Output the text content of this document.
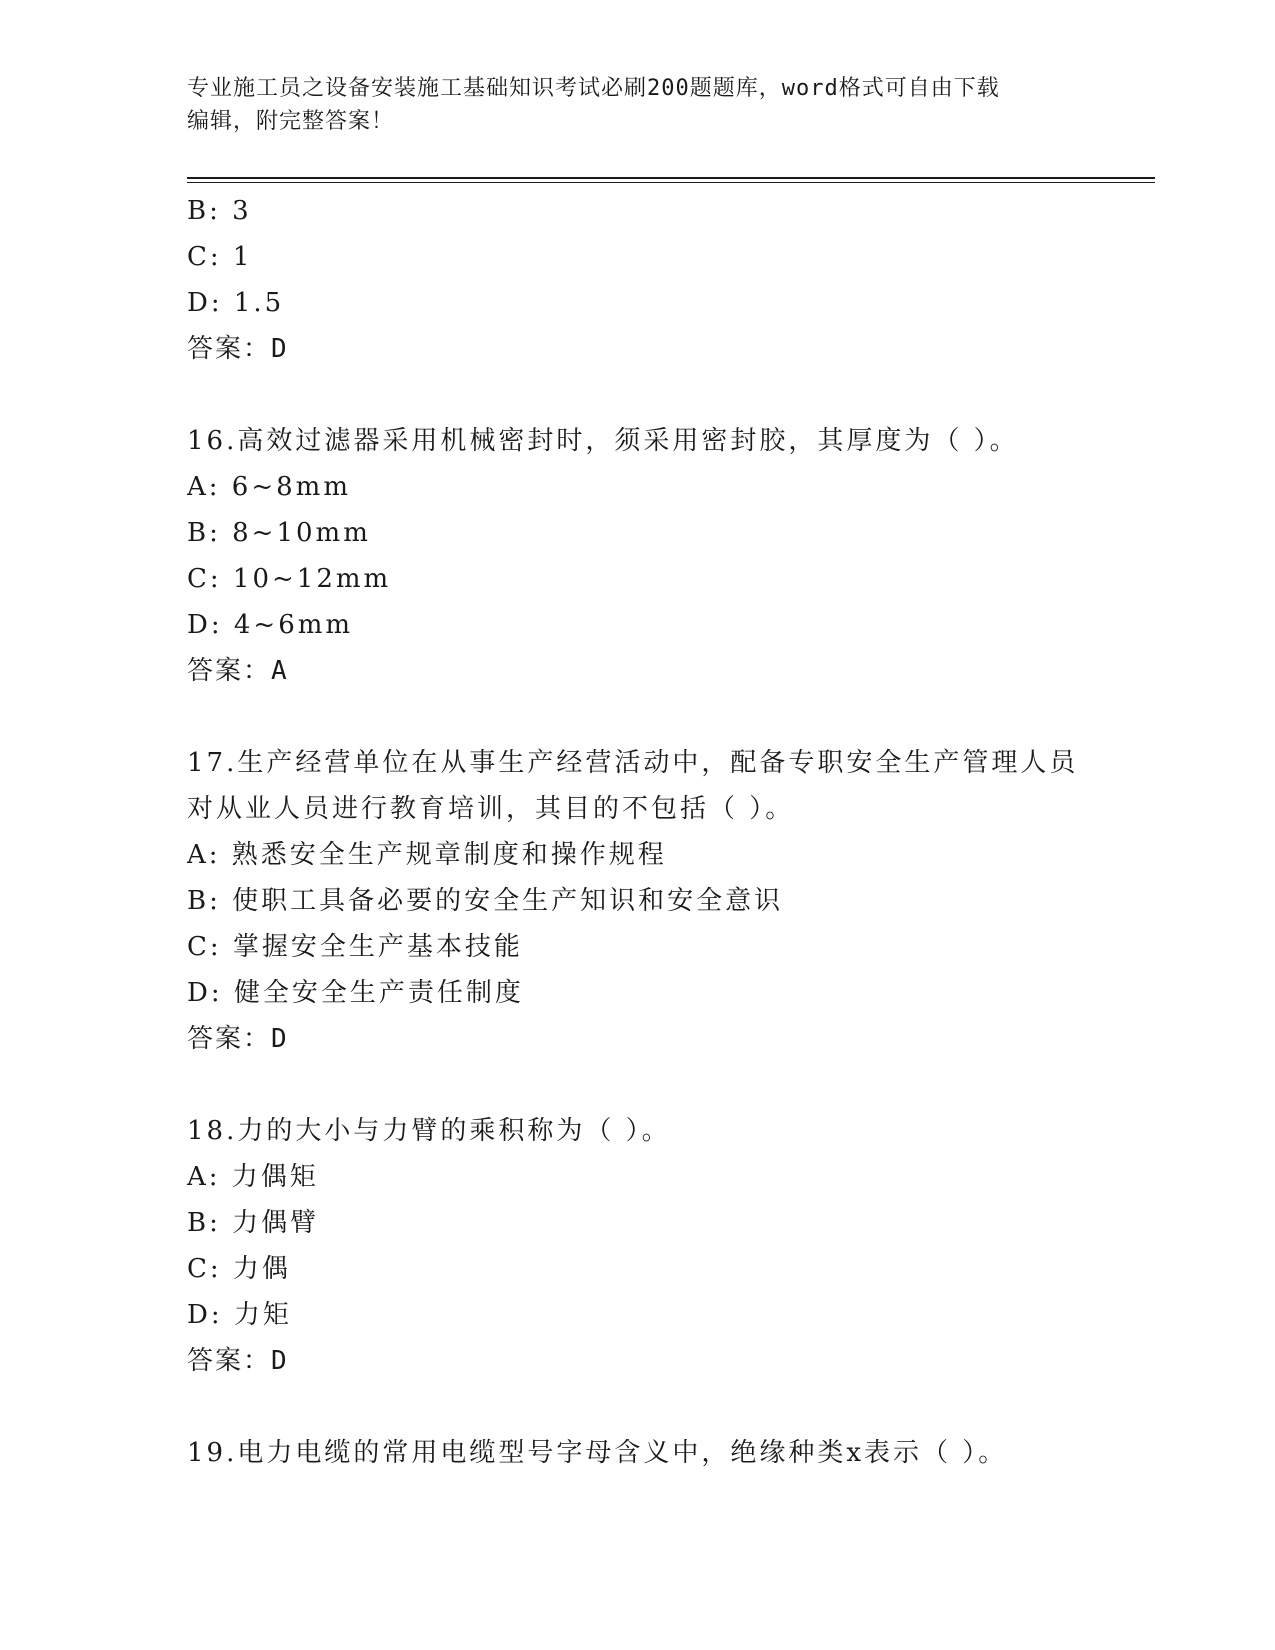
专业施工员之设备安装施工基础知识考试必刷200题题库，word格式可自由下载
编辑，附完整答案！
B: 3
C: 1
D: 1.5
答案：D
16.高效过滤器采用机械密封时，须采用密封胶，其厚度为（ ）。
A: 6~8mm
B: 8~10mm
C: 10~12mm
D: 4~6mm
答案：A
17.生产经营单位在从事生产经营活动中，配备专职安全生产管理人员
对从业人员进行教育培训，其目的不包括（ ）。
A: 熟悉安全生产规章制度和操作规程
B: 使职工具备必要的安全生产知识和安全意识
C: 掌握安全生产基本技能
D: 健全安全生产责任制度
答案：D
18.力的大小与力臂的乘积称为（ ）。
A: 力偶矩
B: 力偶臂
C: 力偶
D: 力矩
答案：D
19.电力电缆的常用电缆型号字母含义中，绝缘种类x表示（ ）。
